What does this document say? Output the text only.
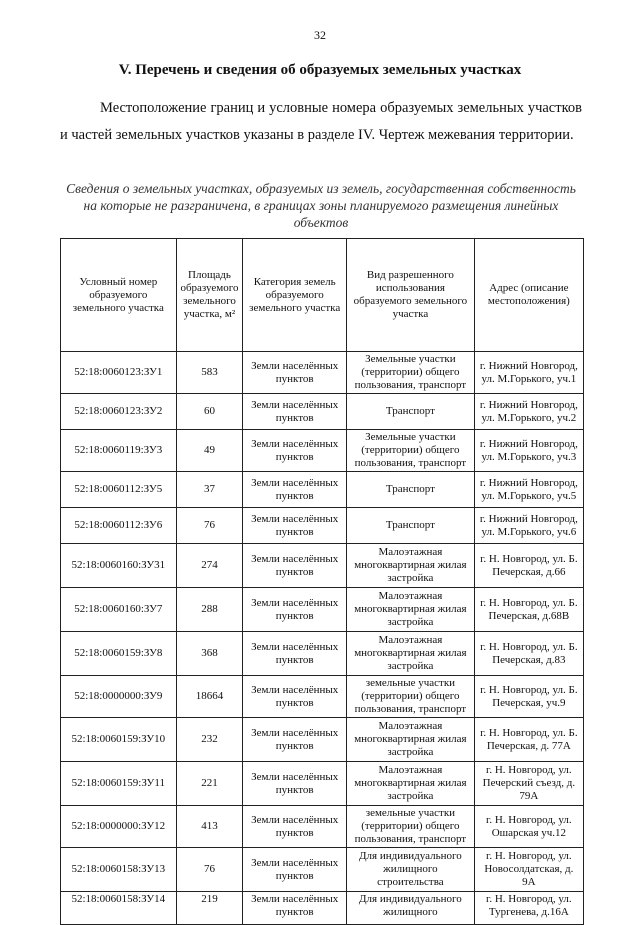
32
V. Перечень и сведения об образуемых земельных участках
Местоположение границ и условные номера образуемых земельных участков и частей земельных участков указаны в разделе IV. Чертеж межевания территории.
Сведения о земельных участках, образуемых из земель, государственная собственность на которые не разграничена, в границах зоны планируемого размещения линейных объектов
Условный номер образуемого земельного участка	Площадь образуемого земельного участка, м²	Категория земель образуемого земельного участка	Вид разрешенного использования образуемого земельного участка	Адрес (описание местоположения)
52:18:0060123:ЗУ1	583	Земли населённых пунктов	Земельные участки (территории) общего пользования, транспорт	г. Нижний Новгород, ул. М.Горького, уч.1
52:18:0060123:ЗУ2	60	Земли населённых пунктов	Транспорт	г. Нижний Новгород, ул. М.Горького, уч.2
52:18:0060119:ЗУ3	49	Земли населённых пунктов	Земельные участки (территории) общего пользования, транспорт	г. Нижний Новгород, ул. М.Горького, уч.3
52:18:0060112:ЗУ5	37	Земли населённых пунктов	Транспорт	г. Нижний Новгород, ул. М.Горького, уч.5
52:18:0060112:ЗУ6	76	Земли населённых пунктов	Транспорт	г. Нижний Новгород, ул. М.Горького, уч.6
52:18:0060160:ЗУ31	274	Земли населённых пунктов	Малоэтажная многоквартирная жилая застройка	г. Н. Новгород, ул. Б. Печерская, д.66
52:18:0060160:ЗУ7	288	Земли населённых пунктов	Малоэтажная многоквартирная жилая застройка	г. Н. Новгород, ул. Б. Печерская, д.68В
52:18:0060159:ЗУ8	368	Земли населённых пунктов	Малоэтажная многоквартирная жилая застройка	г. Н. Новгород, ул. Б. Печерская, д.83
52:18:0000000:ЗУ9	18664	Земли населённых пунктов	земельные участки (территории) общего пользования, транспорт	г. Н. Новгород, ул. Б. Печерская, уч.9
52:18:0060159:ЗУ10	232	Земли населённых пунктов	Малоэтажная многоквартирная жилая застройка	г. Н. Новгород, ул. Б. Печерская, д. 77А
52:18:0060159:ЗУ11	221	Земли населённых пунктов	Малоэтажная многоквартирная жилая застройка	г. Н. Новгород, ул. Печерский съезд, д. 79А
52:18:0000000:ЗУ12	413	Земли населённых пунктов	земельные участки (территории) общего пользования, транспорт	г. Н. Новгород, ул. Ошарская уч.12
52:18:0060158:ЗУ13	76	Земли населённых пунктов	Для индивидуального жилищного строительства	г. Н. Новгород, ул. Новосолдатская, д. 9А
52:18:0060158:ЗУ14	219	Земли населённых пунктов	Для индивидуального жилищного	г. Н. Новгород, ул. Тургенева, д.16А
